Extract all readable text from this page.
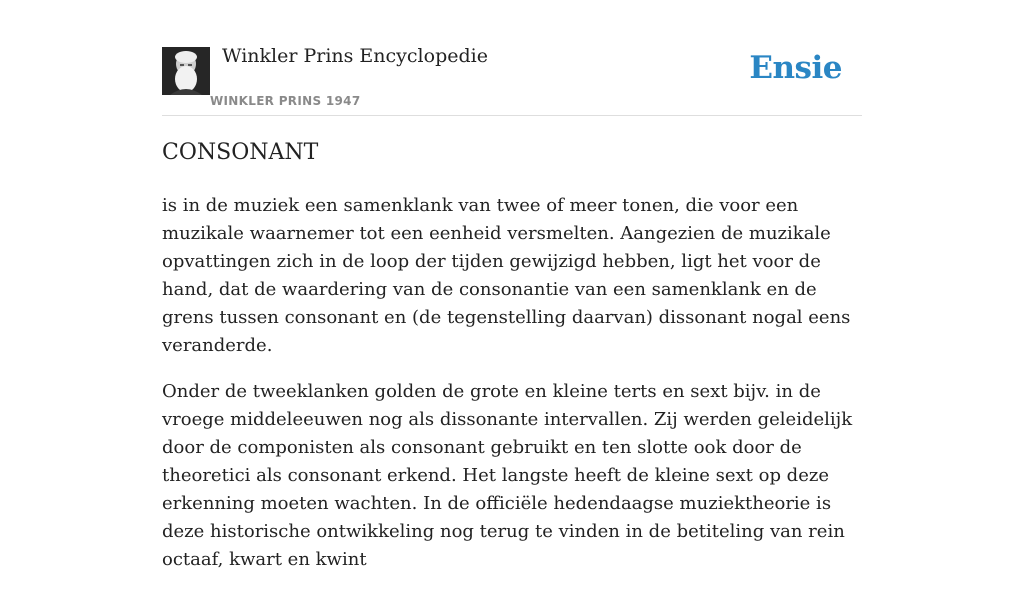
Winkler Prins Encyclopedie
WINKLER PRINS 1947
Ensie
CONSONANT

is in de muziek een samenklank van twee of meer tonen, die voor een muzikale waarnemer tot een eenheid versmelten. Aangezien de muzikale opvattingen zich in de loop der tijden gewijzigd hebben, ligt het voor de hand, dat de waardering van de consonantie van een samenklank en de grens tussen consonant en (de tegenstelling daarvan) dissonant nogal eens veranderde.

Onder de tweeklanken golden de grote en kleine terts en sext bijv. in de vroege middeleeuwen nog als dissonante intervallen. Zij werden geleidelijk door de componisten als consonant gebruikt en ten slotte ook door de theoretici als consonant erkend. Het langste heeft de kleine sext op deze erkenning moeten wachten. In de officiële hedendaagse muziektheorie is deze historische ontwikkeling nog terug te vinden in de betiteling van rein octaaf, kwart en kwint
